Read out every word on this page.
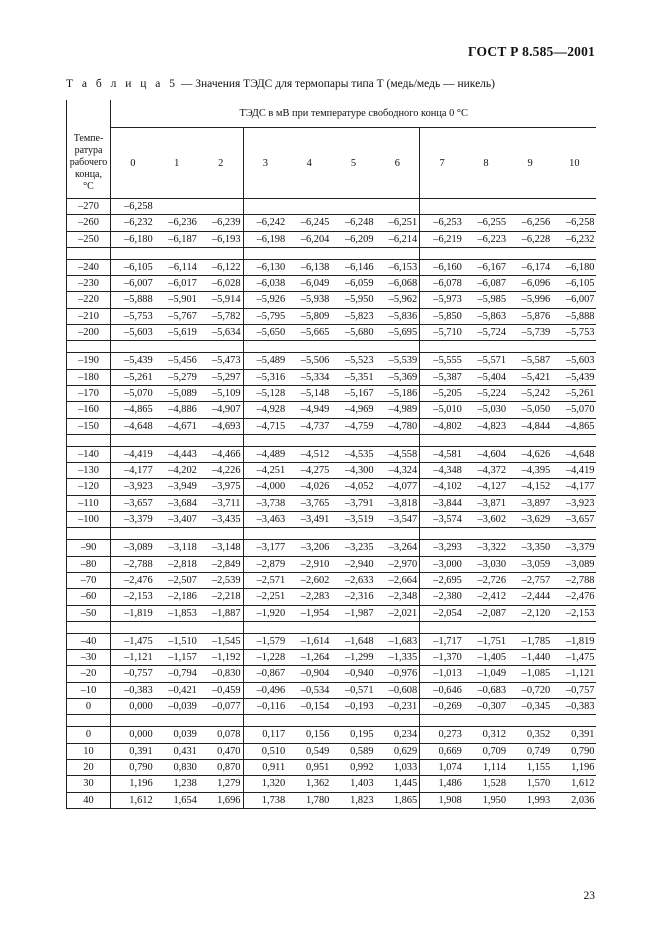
ГОСТ Р 8.585—2001
Т а б л и ц а 5 — Значения ТЭДС для термопары типа Т (медь/медь — никель)
	ТЭДС в мВ при температуре свободного конца 0 °С										

Темпе-
ратура
рабочего
конца,
°С	0	1	2	3	4	5	6	7	8	9	10
–270	–6,258										
–260	–6,232	–6,236	–6,239	–6,242	–6,245	–6,248	–6,251	–6,253	–6,255	–6,256	–6,258
–250	–6,180	–6,187	–6,193	–6,198	–6,204	–6,209	–6,214	–6,219	–6,223	–6,228	–6,232

–240	–6,105	–6,114	–6,122	–6,130	–6,138	–6,146	–6,153	–6,160	–6,167	–6,174	–6,180
–230	–6,007	–6,017	–6,028	–6,038	–6,049	–6,059	–6,068	–6,078	–6,087	–6,096	–6,105
–220	–5,888	–5,901	–5,914	–5,926	–5,938	–5,950	–5,962	–5,973	–5,985	–5,996	–6,007
–210	–5,753	–5,767	–5,782	–5,795	–5,809	–5,823	–5,836	–5,850	–5,863	–5,876	–5,888
–200	–5,603	–5,619	–5,634	–5,650	–5,665	–5,680	–5,695	–5,710	–5,724	–5,739	–5,753

–190	–5,439	–5,456	–5,473	–5,489	–5,506	–5,523	–5,539	–5,555	–5,571	–5,587	–5,603
–180	–5,261	–5,279	–5,297	–5,316	–5,334	–5,351	–5,369	–5,387	–5,404	–5,421	–5,439
–170	–5,070	–5,089	–5,109	–5,128	–5,148	–5,167	–5,186	–5,205	–5,224	–5,242	–5,261
–160	–4,865	–4,886	–4,907	–4,928	–4,949	–4,969	–4,989	–5,010	–5,030	–5,050	–5,070
–150	–4,648	–4,671	–4,693	–4,715	–4,737	–4,759	–4,780	–4,802	–4,823	–4,844	–4,865

–140	–4,419	–4,443	–4,466	–4,489	–4,512	–4,535	–4,558	–4,581	–4,604	–4,626	–4,648
–130	–4,177	–4,202	–4,226	–4,251	–4,275	–4,300	–4,324	–4,348	–4,372	–4,395	–4,419
–120	–3,923	–3,949	–3,975	–4,000	–4,026	–4,052	–4,077	–4,102	–4,127	–4,152	–4,177
–110	–3,657	–3,684	–3,711	–3,738	–3,765	–3,791	–3,818	–3,844	–3,871	–3,897	–3,923
–100	–3,379	–3,407	–3,435	–3,463	–3,491	–3,519	–3,547	–3,574	–3,602	–3,629	–3,657

–90	–3,089	–3,118	–3,148	–3,177	–3,206	–3,235	–3,264	–3,293	–3,322	–3,350	–3,379
–80	–2,788	–2,818	–2,849	–2,879	–2,910	–2,940	–2,970	–3,000	–3,030	–3,059	–3,089
–70	–2,476	–2,507	–2,539	–2,571	–2,602	–2,633	–2,664	–2,695	–2,726	–2,757	–2,788
–60	–2,153	–2,186	–2,218	–2,251	–2,283	–2,316	–2,348	–2,380	–2,412	–2,444	–2,476
–50	–1,819	–1,853	–1,887	–1,920	–1,954	–1,987	–2,021	–2,054	–2,087	–2,120	–2,153

–40	–1,475	–1,510	–1,545	–1,579	–1,614	–1,648	–1,683	–1,717	–1,751	–1,785	–1,819
–30	–1,121	–1,157	–1,192	–1,228	–1,264	–1,299	–1,335	–1,370	–1,405	–1,440	–1,475
–20	–0,757	–0,794	–0,830	–0,867	–0,904	–0,940	–0,976	–1,013	–1,049	–1,085	–1,121
–10	–0,383	–0,421	–0,459	–0,496	–0,534	–0,571	–0,608	–0,646	–0,683	–0,720	–0,757
0	0,000	–0,039	–0,077	–0,116	–0,154	–0,193	–0,231	–0,269	–0,307	–0,345	–0,383

0	0,000	0,039	0,078	0,117	0,156	0,195	0,234	0,273	0,312	0,352	0,391
10	0,391	0,431	0,470	0,510	0,549	0,589	0,629	0,669	0,709	0,749	0,790
20	0,790	0,830	0,870	0,911	0,951	0,992	1,033	1,074	1,114	1,155	1,196
30	1,196	1,238	1,279	1,320	1,362	1,403	1,445	1,486	1,528	1,570	1,612
40	1,612	1,654	1,696	1,738	1,780	1,823	1,865	1,908	1,950	1,993	2,036
23
